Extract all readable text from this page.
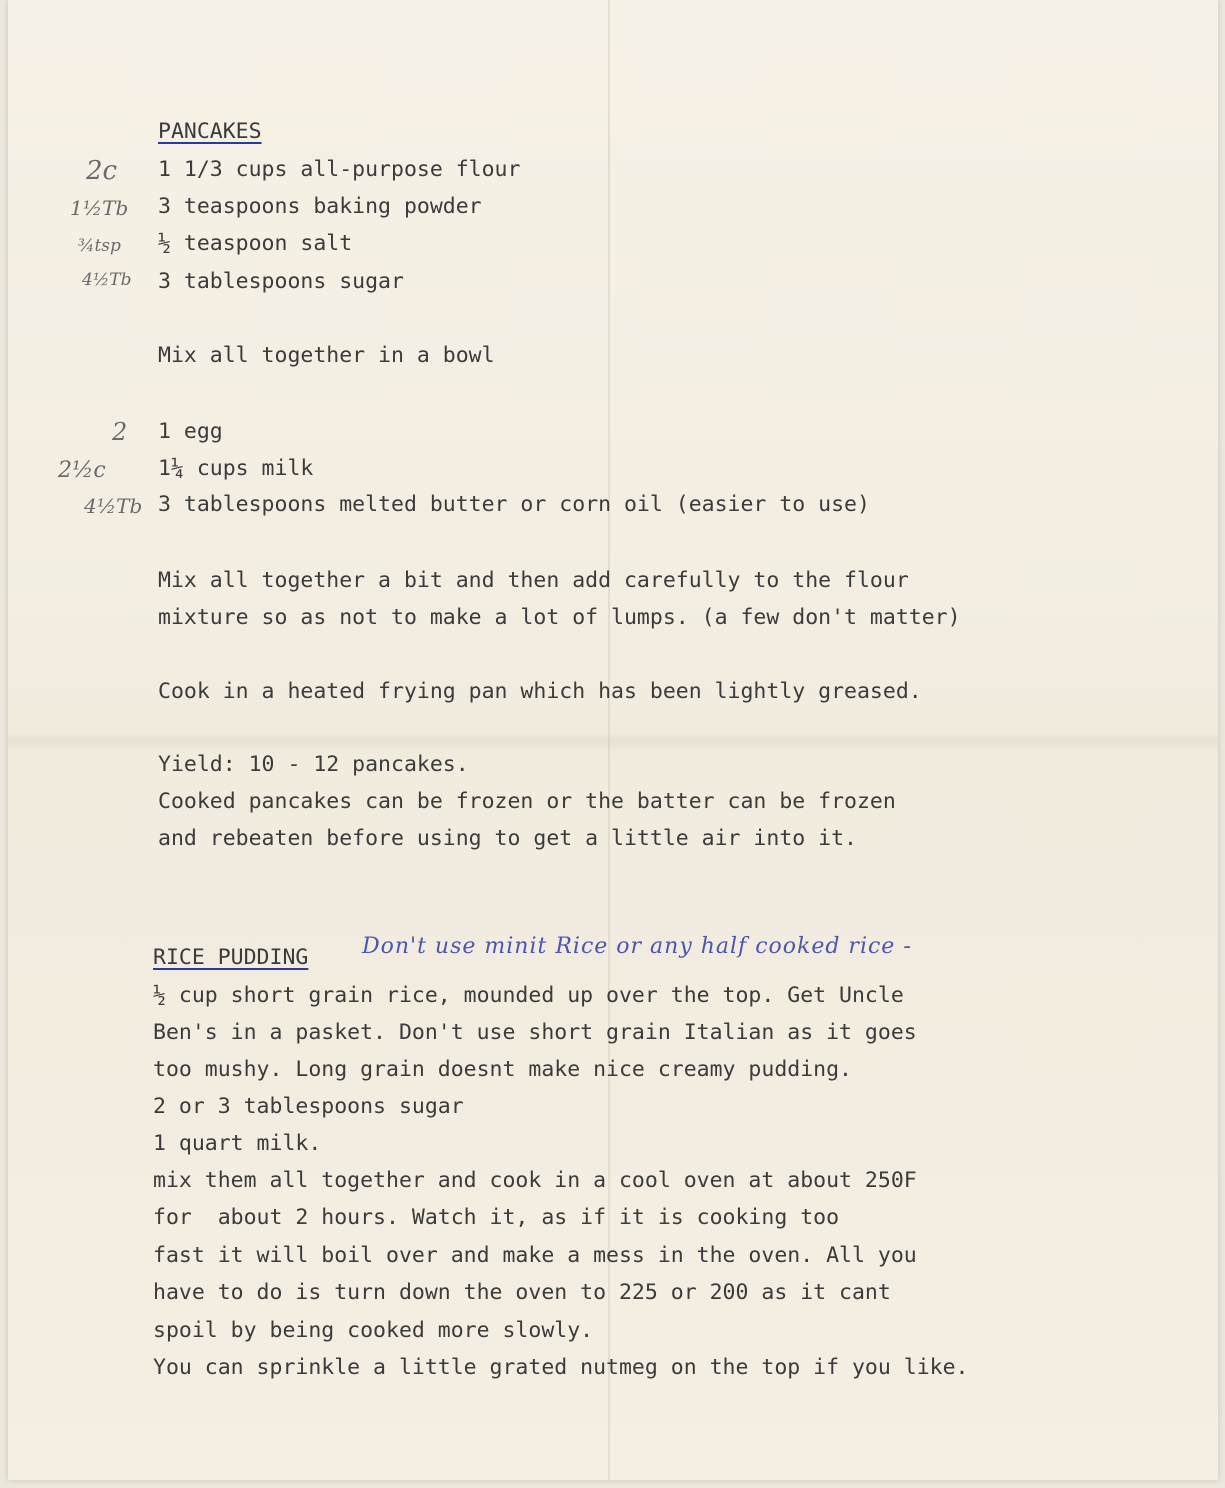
PANCAKES
2c 1 1/3 cups all-purpose flour
1½Tb 3 teaspoons baking powder
¾tsp ½ teaspoon salt
4½Tb 3 tablespoons sugar
Mix all together in a bowl
2 1 egg
2½c 1¼ cups milk
4½Tb 3 tablespoons melted butter or corn oil (easier to use)
Mix all together a bit and then add carefully to the flour
mixture so as not to make a lot of lumps. (a few don't matter)
Cook in a heated frying pan which has been lightly greased.
Yield: 10 - 12 pancakes.
Cooked pancakes can be frozen or the batter can be frozen
and rebeaten before using to get a little air into it.
RICE PUDDING Don't use minit Rice or any half cooked rice -
½ cup short grain rice, mounded up over the top. Get Uncle
Ben's in a pasket. Don't use short grain Italian as it goes
too mushy. Long grain doesnt make nice creamy pudding.
2 or 3 tablespoons sugar
1 quart milk.
mix them all together and cook in a cool oven at about 250F
for  about 2 hours. Watch it, as if it is cooking too
fast it will boil over and make a mess in the oven. All you
have to do is turn down the oven to 225 or 200 as it cant
spoil by being cooked more slowly.
You can sprinkle a little grated nutmeg on the top if you like.
